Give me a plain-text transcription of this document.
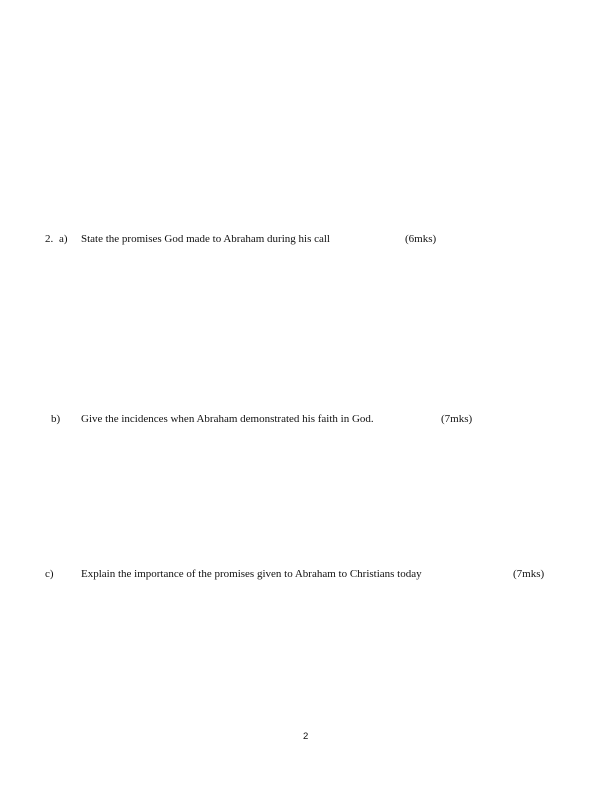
2. a) State the promises God made to Abraham during his call	(6mks)
b) Give the incidences when Abraham demonstrated his faith in God.	(7mks)
c) Explain the importance of the promises given to Abraham to Christians today	(7mks)
2
